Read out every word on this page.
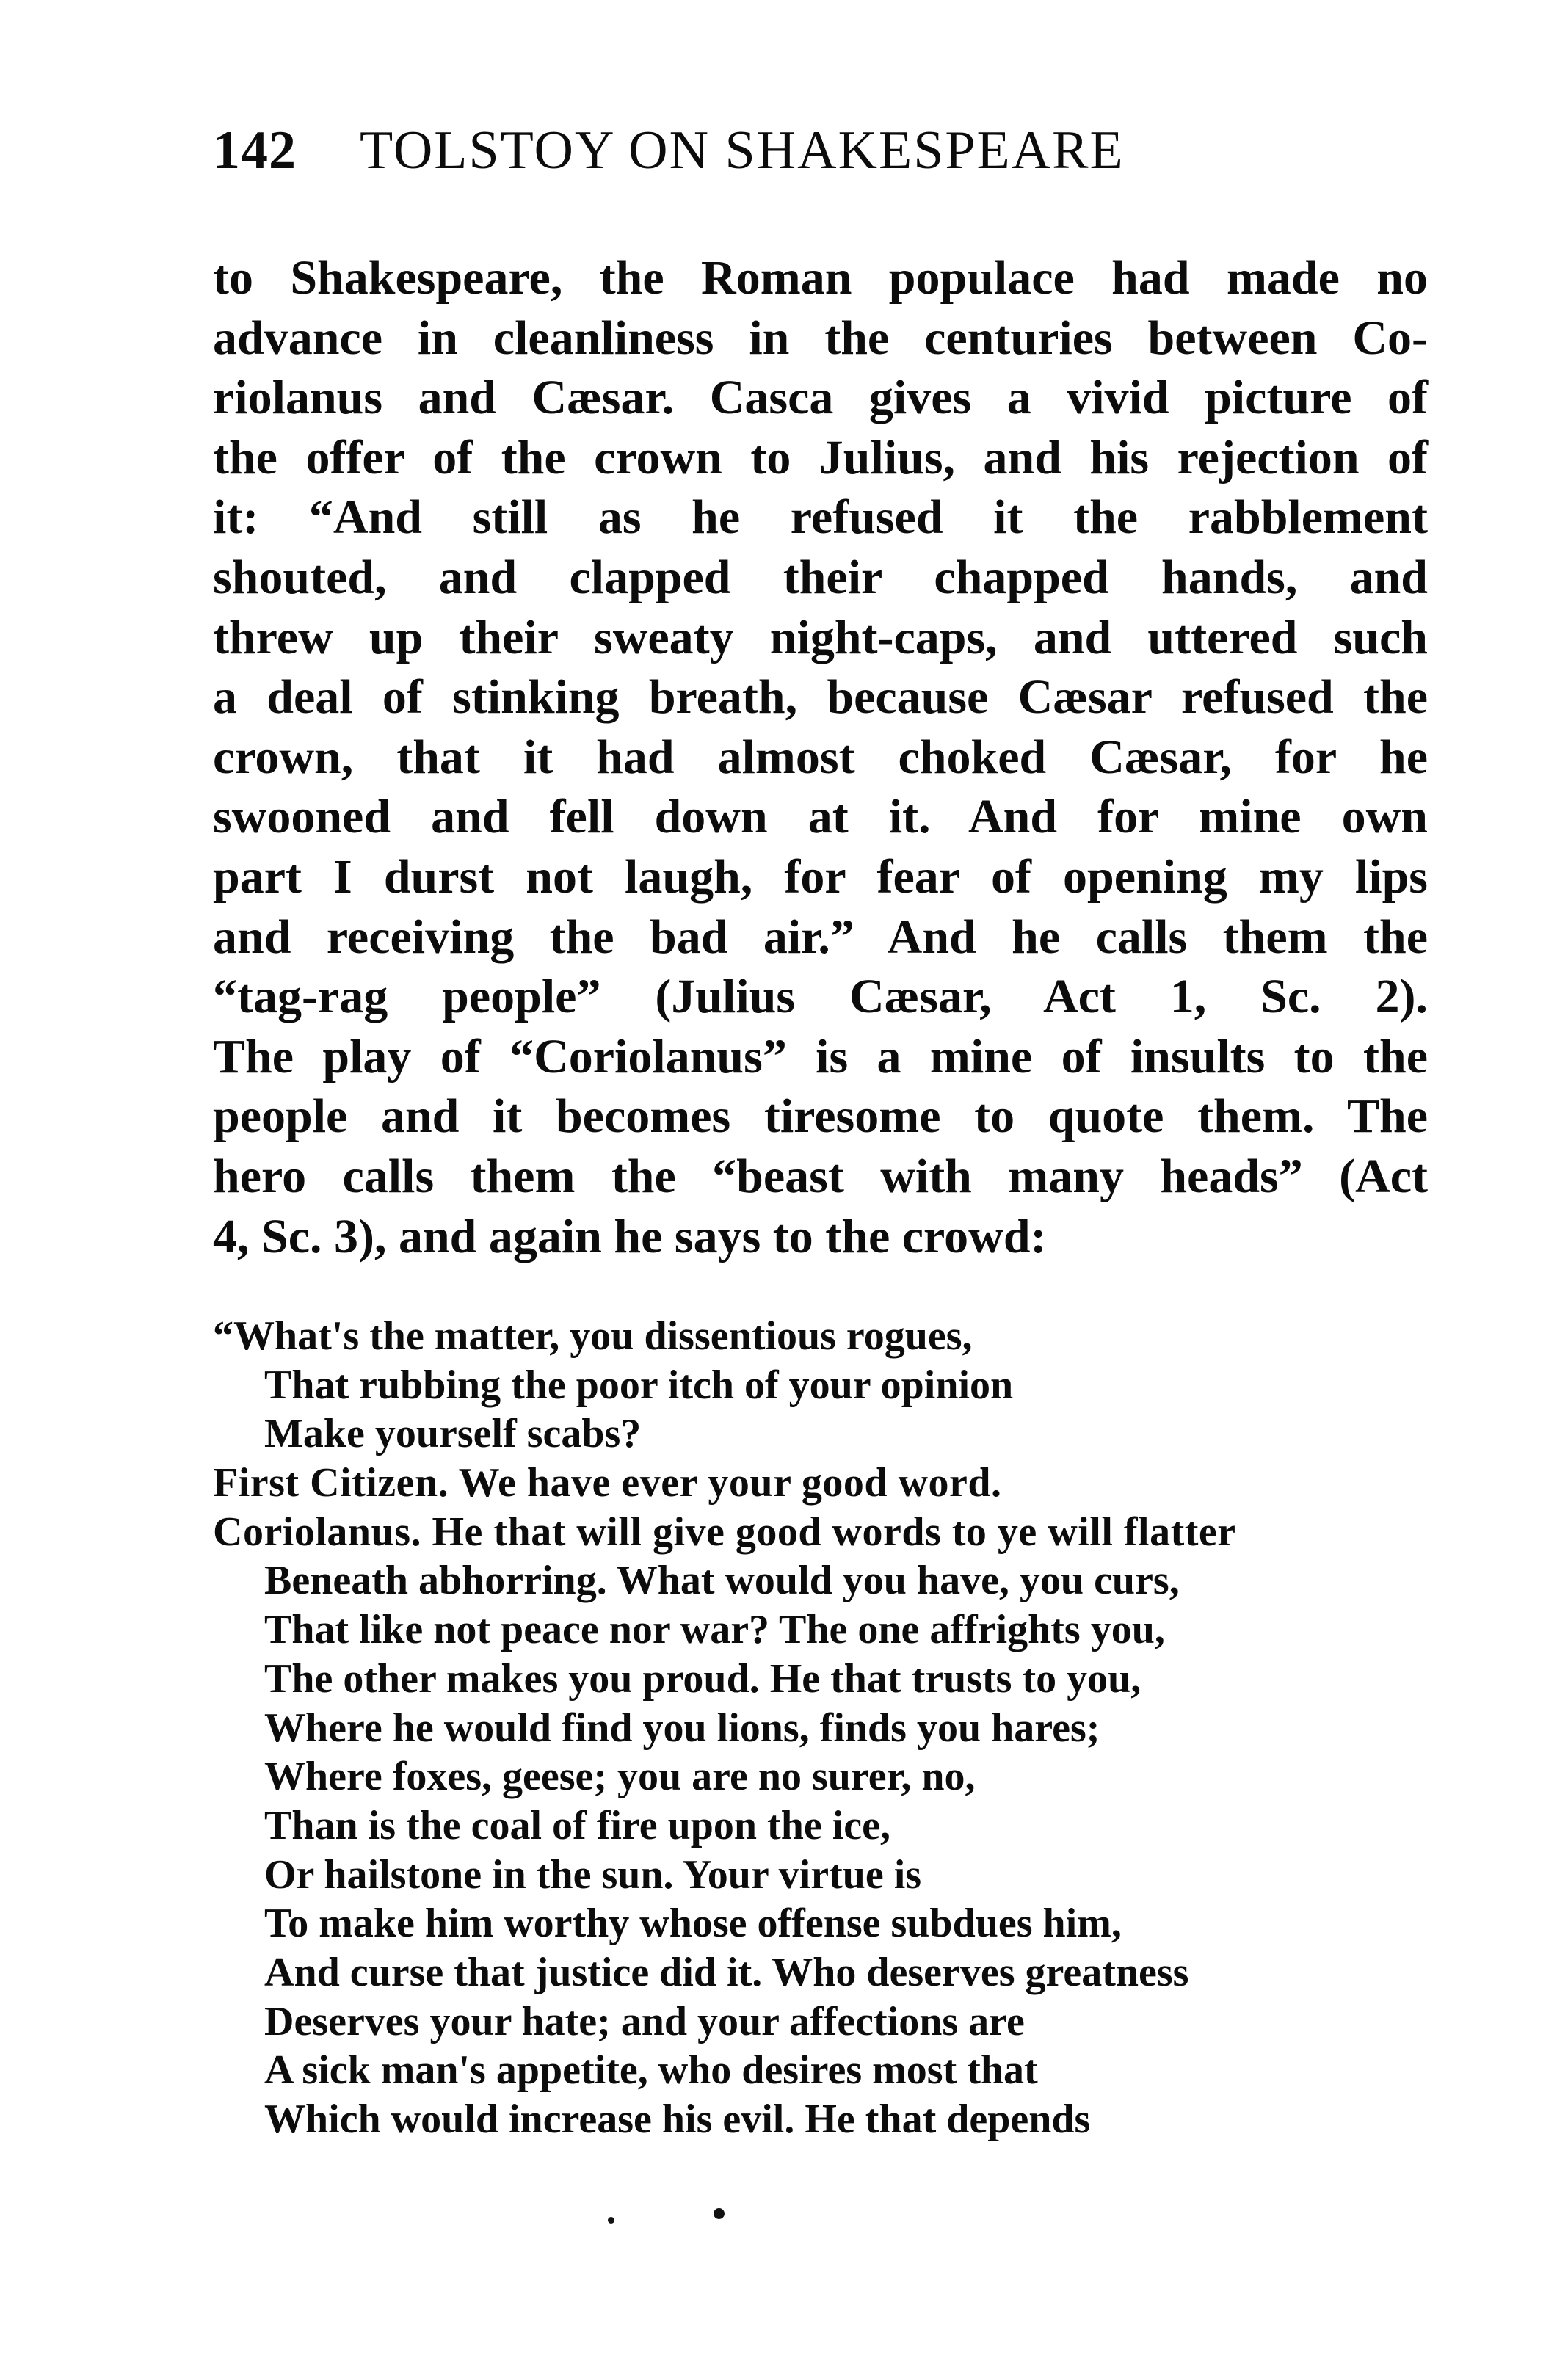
142 TOLSTOY ON SHAKESPEARE
to Shakespeare, the Roman populace had made no
advance in cleanliness in the centuries between Co-
riolanus and Cæsar. Casca gives a vivid picture of
the offer of the crown to Julius, and his rejection of
it: “And still as he refused it the rabblement
shouted, and clapped their chapped hands, and
threw up their sweaty night-caps, and uttered such
a deal of stinking breath, because Cæsar refused the
crown, that it had almost choked Cæsar, for he
swooned and fell down at it. And for mine own
part I durst not laugh, for fear of opening my lips
and receiving the bad air.” And he calls them the
“tag-rag people” (Julius Cæsar, Act 1, Sc. 2).
The play of “Coriolanus” is a mine of insults to the
people and it becomes tiresome to quote them. The
hero calls them the “beast with many heads” (Act
4, Sc. 3), and again he says to the crowd:
“What's the matter, you dissentious rogues,
That rubbing the poor itch of your opinion
Make yourself scabs?
First Citizen. We have ever your good word.
Coriolanus. He that will give good words to ye will flatter
Beneath abhorring. What would you have, you curs,
That like not peace nor war? The one affrights you,
The other makes you proud. He that trusts to you,
Where he would find you lions, finds you hares;
Where foxes, geese; you are no surer, no,
Than is the coal of fire upon the ice,
Or hailstone in the sun. Your virtue is
To make him worthy whose offense subdues him,
And curse that justice did it. Who deserves greatness
Deserves your hate; and your affections are
A sick man's appetite, who desires most that
Which would increase his evil. He that depends
